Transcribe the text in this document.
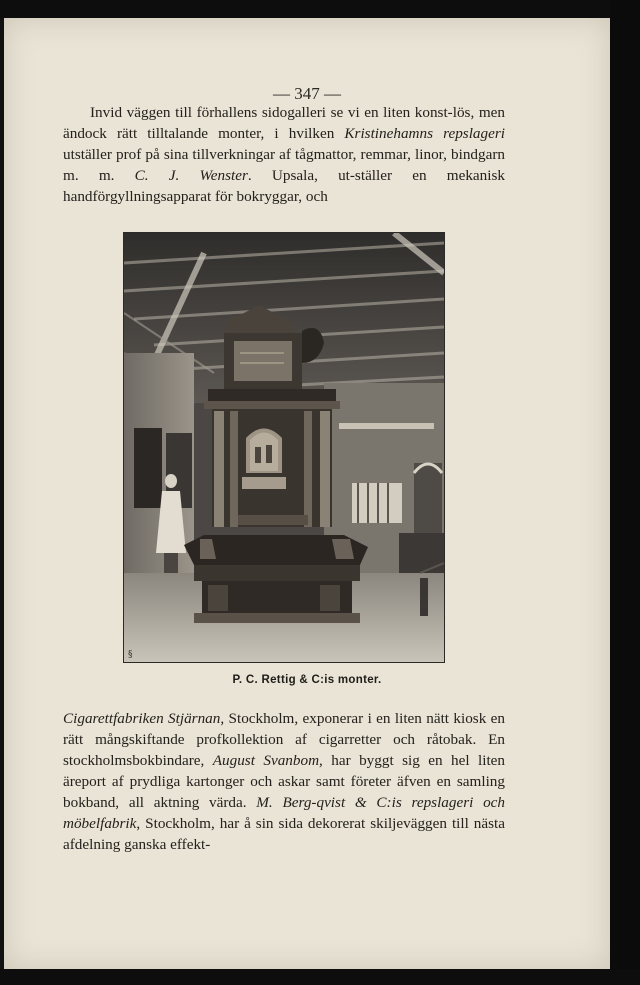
— 347 —
Invid väggen till förhallens sidogalleri se vi en liten konst-lös, men ändock rätt tilltalande monter, i hvilken Kristinehamns repslageri utställer prof på sina tillverkningar af tågmattor, remmar, linor, bindgarn m. m. C. J. Wenster. Upsala, ut-ställer en mekanisk handförgyllningsapparat för bokryggar, och
§
P. C. Rettig & C:is monter.
Cigarettfabriken Stjärnan, Stockholm, exponerar i en liten nätt kiosk en rätt mångskiftande profkollektion af cigarretter och råtobak. En stockholmsbokbindare, August Svanbom, har byggt sig en hel liten äreport af prydliga kartonger och askar samt företer äfven en samling bokband, all aktning värda. M. Berg-qvist & C:is repslageri och möbelfabrik, Stockholm, har å sin sida dekorerat skiljeväggen till nästa afdelning ganska effekt-
